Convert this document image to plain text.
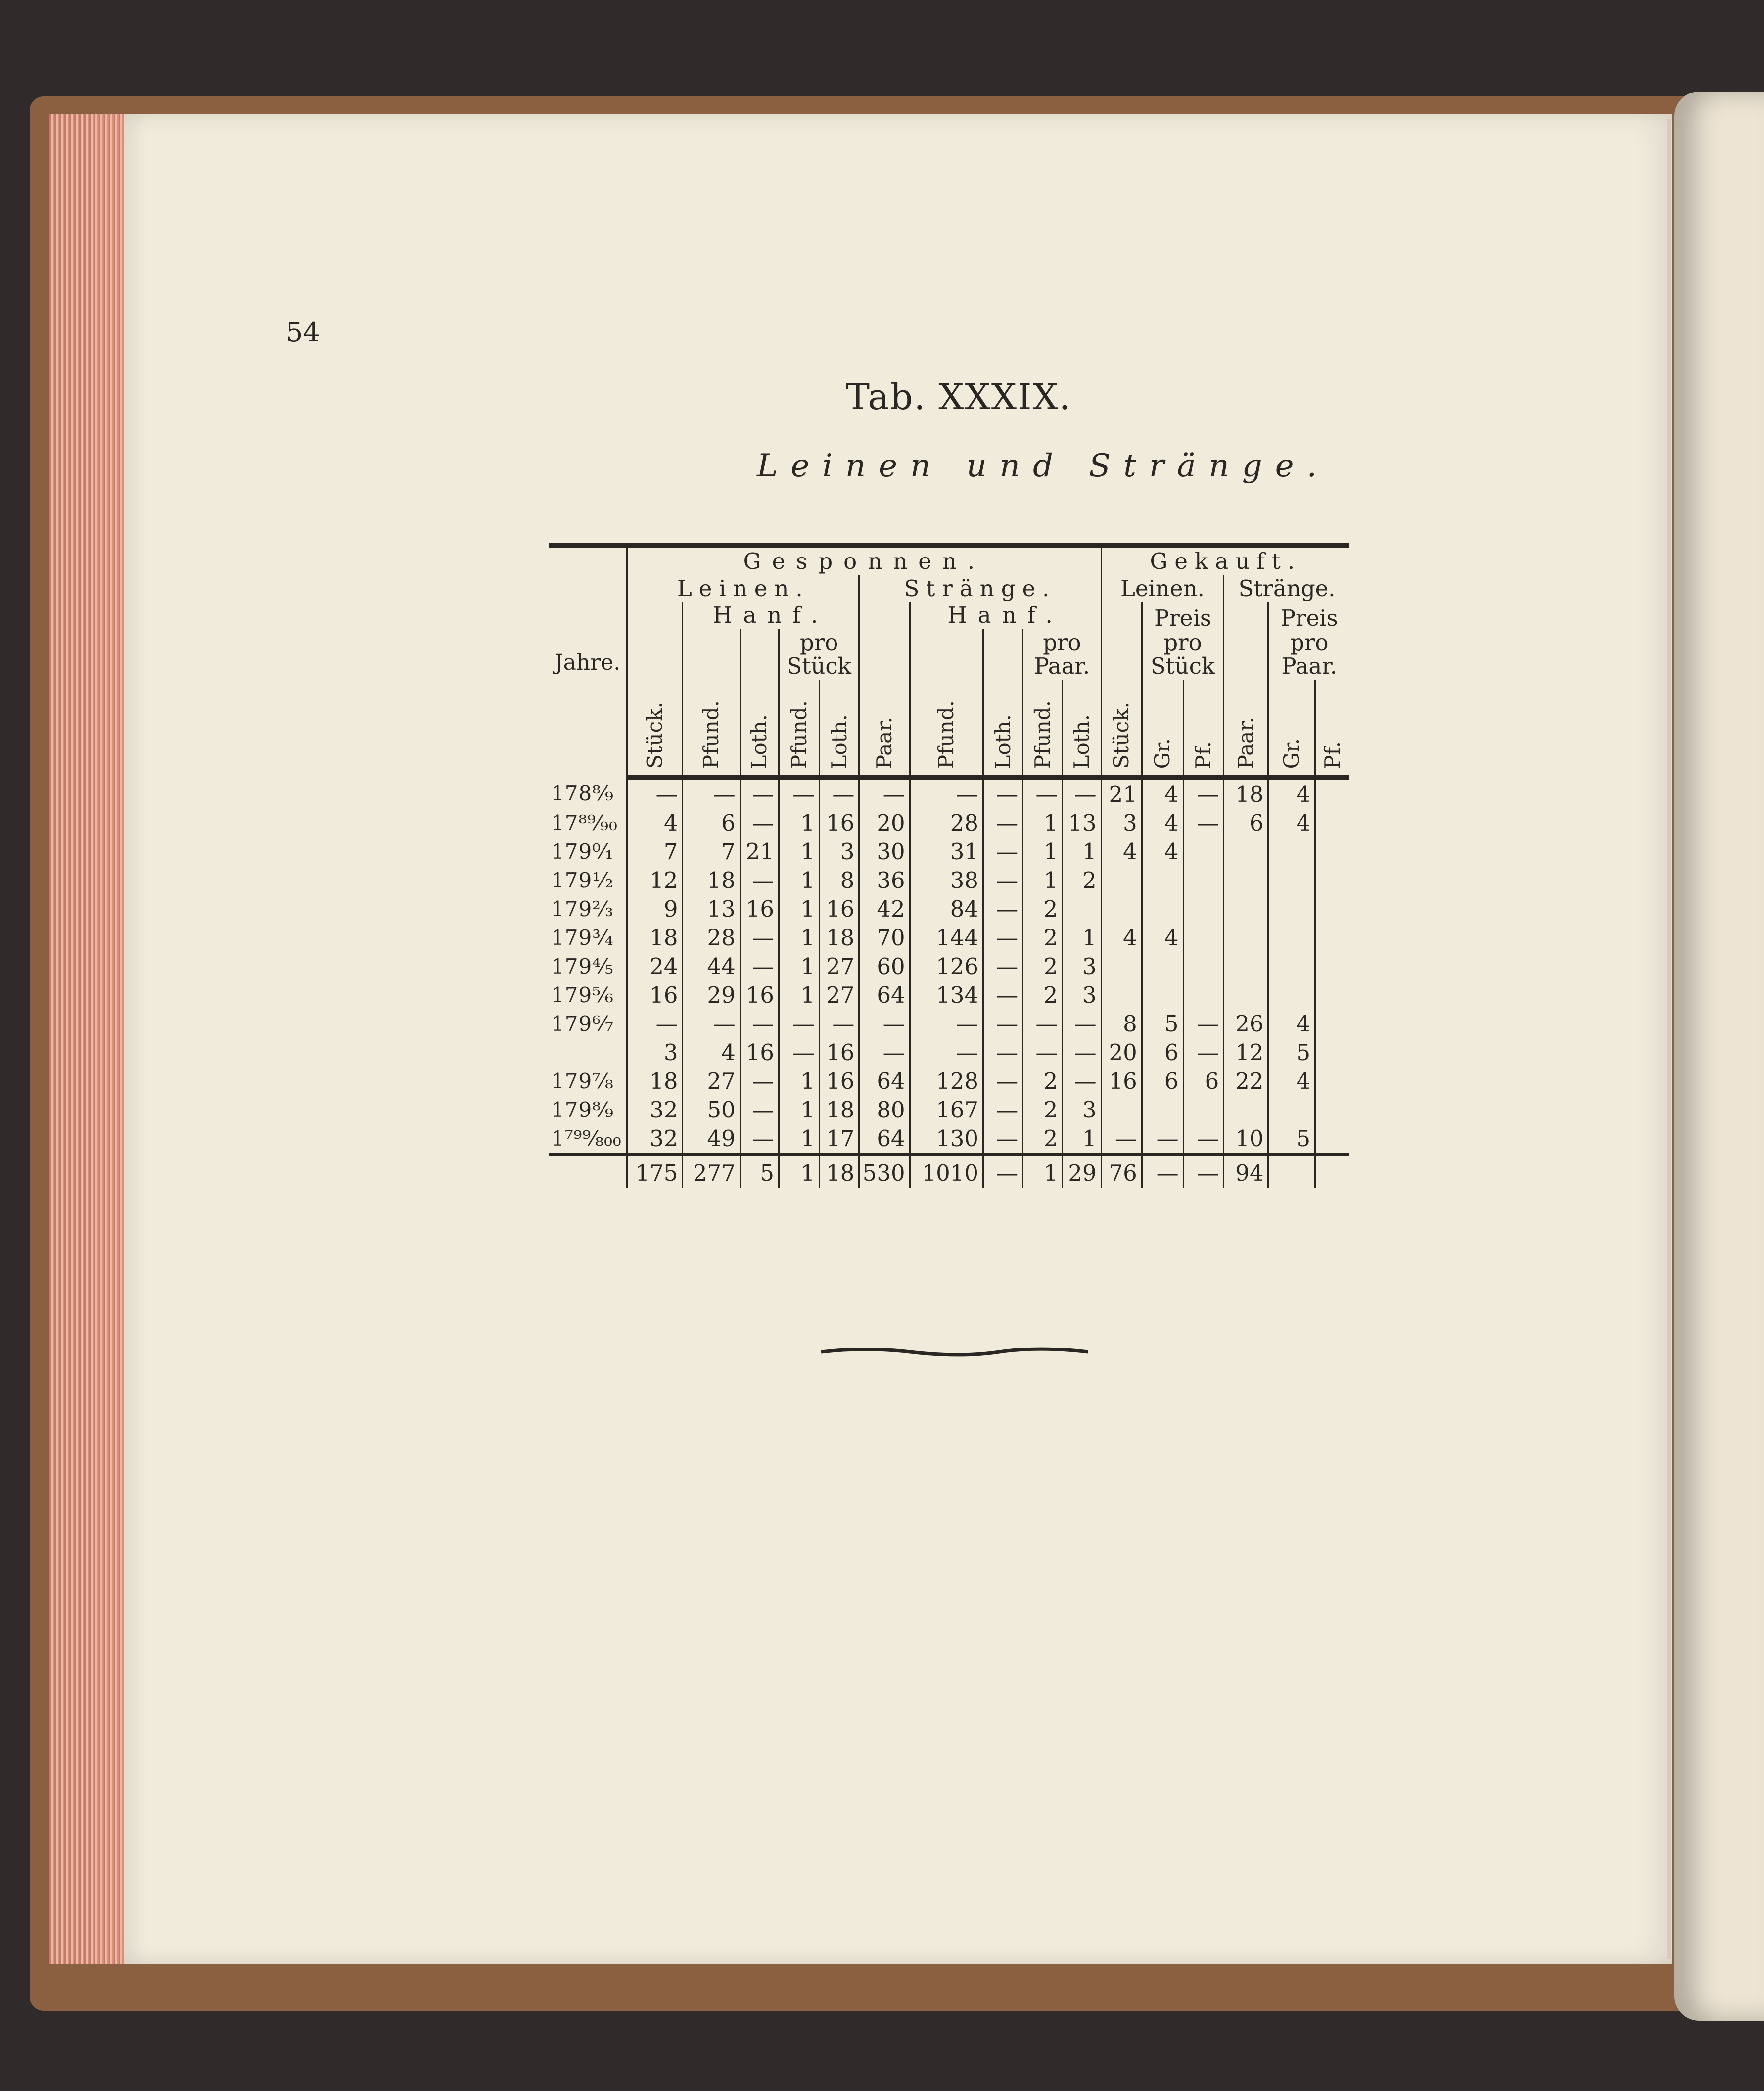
54
Tab. XXXIX.
Leinen und Stränge.
Jahre.	Gesponnen.										Gekauft.					
	Leinen.					Stränge.					Leinen.			Stränge.		
		Hanf.					Hanf.					Preis pro Stück			Preis pro Paar.	
				pro Stück					pro Paar.							
	Stück.	Pfund.	Loth.	Pfund.	Loth.	Paar.	Pfund.	Loth.	Pfund.	Loth.	Stück.	Gr.	Pf.	Paar.	Gr.	Pf.
178⁸⁄₉	—	—	—	—	—	—	—	—	—	—	21	4	—	18	4	
17⁸⁹⁄₉₀	4	6	—	1	16	20	28	—	1	13	3	4	—	6	4	
179⁰⁄₁	7	7	21	1	3	30	31	—	1	1	4	4				
179¹⁄₂	12	18	—	1	8	36	38	—	1	2						
179²⁄₃	9	13	16	1	16	42	84	—	2							
179³⁄₄	18	28	—	1	18	70	144	—	2	1	4	4				
179⁴⁄₅	24	44	—	1	27	60	126	—	2	3						
179⁵⁄₆	16	29	16	1	27	64	134	—	2	3						
179⁶⁄₇	—	—	—	—	—	—	—	—	—	—	8	5	—	26	4	
	3	4	16	—	16	—	—	—	—	—	20	6	—	12	5	
179⁷⁄₈	18	27	—	1	16	64	128	—	2	—	16	6	6	22	4	
179⁸⁄₉	32	50	—	1	18	80	167	—	2	3						
1⁷⁹⁹⁄₈₀₀	32	49	—	1	17	64	130	—	2	1	—	—	—	10	5	
	175	277	5	1	18	530	1010	—	1	29	76	—	—	94		
